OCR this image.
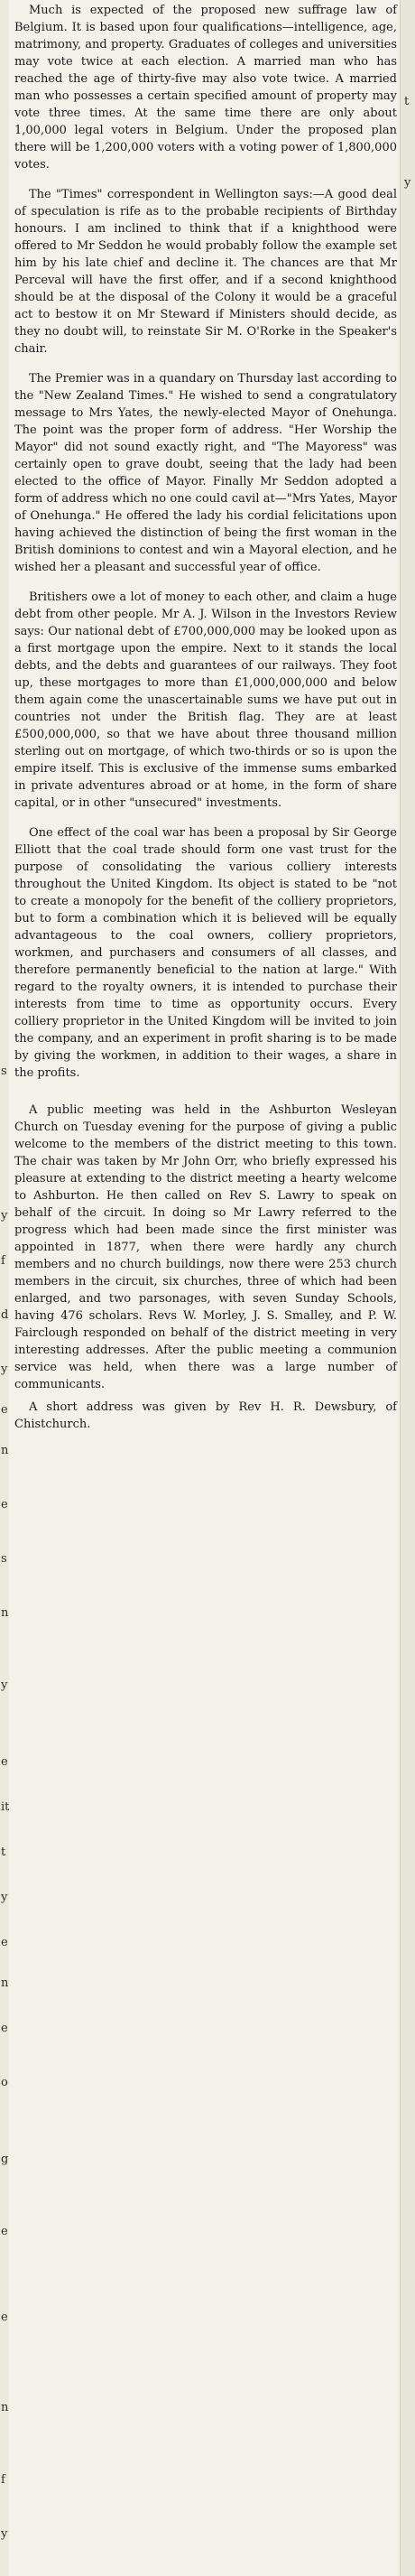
s
y
f
d
y
e
n
e
s
n
y
e
it
t
y
e
n
e
o
g
e
e
n
f
y

Much is expected of the proposed new suffrage law of Belgium. It is based upon four qualifications—intelligence, age, matrimony, and property. Graduates of colleges and universities may vote twice at each election. A married man who has reached the age of thirty-five may also vote twice. A married man who possesses a certain specified amount of property may vote three times. At the same time there are only about 1,00,000 legal voters in Belgium. Under the proposed plan there will be 1,200,000 voters with a voting power of 1,800,000 votes.

The "Times" correspondent in Wellington says:—A good deal of speculation is rife as to the probable recipients of Birthday honours. I am inclined to think that if a knighthood were offered to Mr Seddon he would probably follow the example set him by his late chief and decline it. The chances are that Mr Perceval will have the first offer, and if a second knighthood should be at the disposal of the Colony it would be a graceful act to bestow it on Mr Steward if Ministers should decide, as they no doubt will, to reinstate Sir M. O'Rorke in the Speaker's chair.

The Premier was in a quandary on Thursday last according to the "New Zealand Times." He wished to send a congratulatory message to Mrs Yates, the newly-elected Mayor of Onehunga. The point was the proper form of address. "Her Worship the Mayor" did not sound exactly right, and "The Mayoress" was certainly open to grave doubt, seeing that the lady had been elected to the office of Mayor. Finally Mr Seddon adopted a form of address which no one could cavil at—"Mrs Yates, Mayor of Onehunga." He offered the lady his cordial felicitations upon having achieved the distinction of being the first woman in the British dominions to contest and win a Mayoral election, and he wished her a pleasant and successful year of office.

Britishers owe a lot of money to each other, and claim a huge debt from other people. Mr A. J. Wilson in the Investors Review says: Our national debt of £700,000,000 may be looked upon as a first mortgage upon the empire. Next to it stands the local debts, and the debts and guarantees of our railways. They foot up, these mortgages to more than £1,000,000,000 and below them again come the unascertainable sums we have put out in countries not under the British flag. They are at least £500,000,000, so that we have about three thousand million sterling out on mortgage, of which two-thirds or so is upon the empire itself. This is exclusive of the immense sums embarked in private adventures abroad or at home, in the form of share capital, or in other "unsecured" investments.

One effect of the coal war has been a proposal by Sir George Elliott that the coal trade should form one vast trust for the purpose of consolidating the various colliery interests throughout the United Kingdom. Its object is stated to be "not to create a monopoly for the benefit of the colliery proprietors, but to form a combination which it is believed will be equally advantageous to the coal owners, colliery proprietors, workmen, and purchasers and consumers of all classes, and therefore permanently beneficial to the nation at large." With regard to the royalty owners, it is intended to purchase their interests from time to time as opportunity occurs. Every colliery proprietor in the United Kingdom will be invited to join the company, and an experiment in profit sharing is to be made by giving the workmen, in addition to their wages, a share in the profits.

A public meeting was held in the Ashburton Wesleyan Church on Tuesday evening for the purpose of giving a public welcome to the members of the district meeting to this town. The chair was taken by Mr John Orr, who briefly expressed his pleasure at extending to the district meeting a hearty welcome to Ashburton. He then called on Rev S. Lawry to speak on behalf of the circuit. In doing so Mr Lawry referred to the progress which had been made since the first minister was appointed in 1877, when there were hardly any church members and no church buildings, now there were 253 church members in the circuit, six churches, three of which had been enlarged, and two parsonages, with seven Sunday Schools, having 476 scholars. Revs W. Morley, J. S. Smalley, and P. W. Fairclough responded on behalf of the district meeting in very interesting addresses. After the public meeting a communion service was held, when there was a large number of communicants.

A short address was given by Rev H. R. Dewsbury, of Chistchurch.

t
y
